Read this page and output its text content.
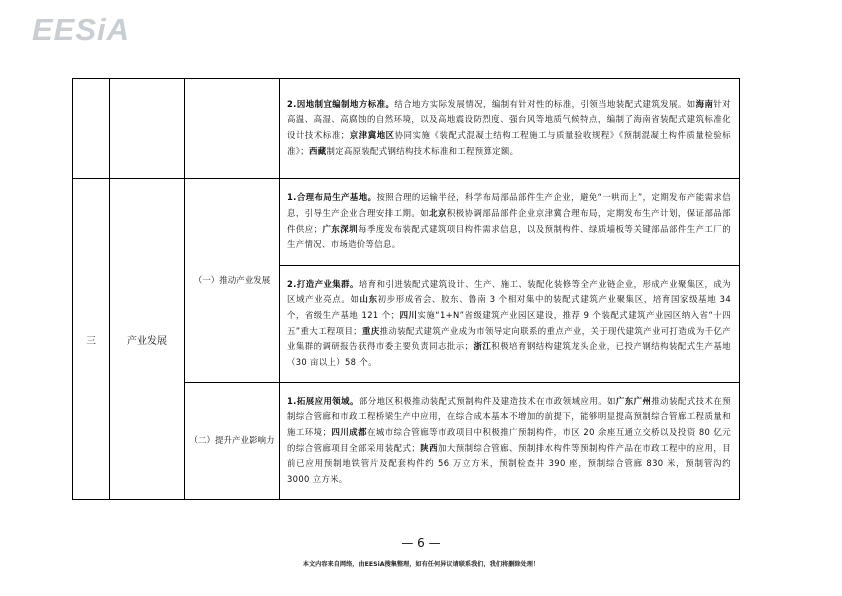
EESiA
			2.因地制宜编制地方标准。结合地方实际发展情况，编制有针对性的标准，引领当地装配式建筑发展。如海南针对高温、高湿、高腐蚀的自然环境，以及高地震设防烈度、强台风等地质气候特点，编制了海南省装配式建筑标准化设计技术标准；京津冀地区协同实施《装配式混凝土结构工程施工与质量验收规程》《预制混凝土构件质量检验标准》；西藏制定高原装配式钢结构技术标准和工程预算定额。
三	产业发展	（一）推动产业发展	1.合理布局生产基地。按照合理的运输半径，科学布局部品部件生产企业，避免“一哄而上”，定期发布产能需求信息，引导生产企业合理安排工期。如北京积极协调部品部件企业京津冀合理布局，定期发布生产计划，保证部品部件供应；广东深圳每季度发布装配式建筑项目构件需求信息，以及预制构件、绿质墙板等关键部品部件生产工厂的生产情况、市场造价等信息。
			2.打造产业集群。培育和引进装配式建筑设计、生产、施工、装配化装修等全产业链企业，形成产业聚集区，成为区域产业亮点。如山东初步形成省会、胶东、鲁南 3 个相对集中的装配式建筑产业聚集区，培育国家级基地 34 个，省级生产基地 121 个；四川实施“1+N”省级建筑产业园区建设，推荐 9 个装配式建筑产业园区纳入省“十四五”重大工程项目；重庆推动装配式建筑产业成为市领导定向联系的重点产业，关于现代建筑产业可打造成为千亿产业集群的调研报告获得市委主要负责同志批示；浙江积极培育钢结构建筑龙头企业，已投产钢结构装配式生产基地（30 亩以上）58 个。
		（二）提升产业影响力	1.拓展应用领域。部分地区积极推动装配式预制构件及建造技术在市政领域应用。如广东广州推动装配式技术在预制综合管廊和市政工程桥梁生产中应用，在综合成本基本不增加的前提下，能够明显提高预制综合管廊工程质量和施工环境；四川成都在城市综合管廊等市政项目中积极推广预制构件，市区 20 余座互通立交桥以及投资 80 亿元的综合管廊项目全部采用装配式；陕西加大预制综合管廊、预制排水构件等预制构件产品在市政工程中的应用，目前已应用预制地铁管片及配套构件约 56 万立方米，预制检查井 390 座，预制综合管廊 830 米，预制管沟约 3000 立方米。
— 6 —
本文内容来自网络，由EESiA搜集整理，如有任何异议请联系我们，我们将删除处理！
